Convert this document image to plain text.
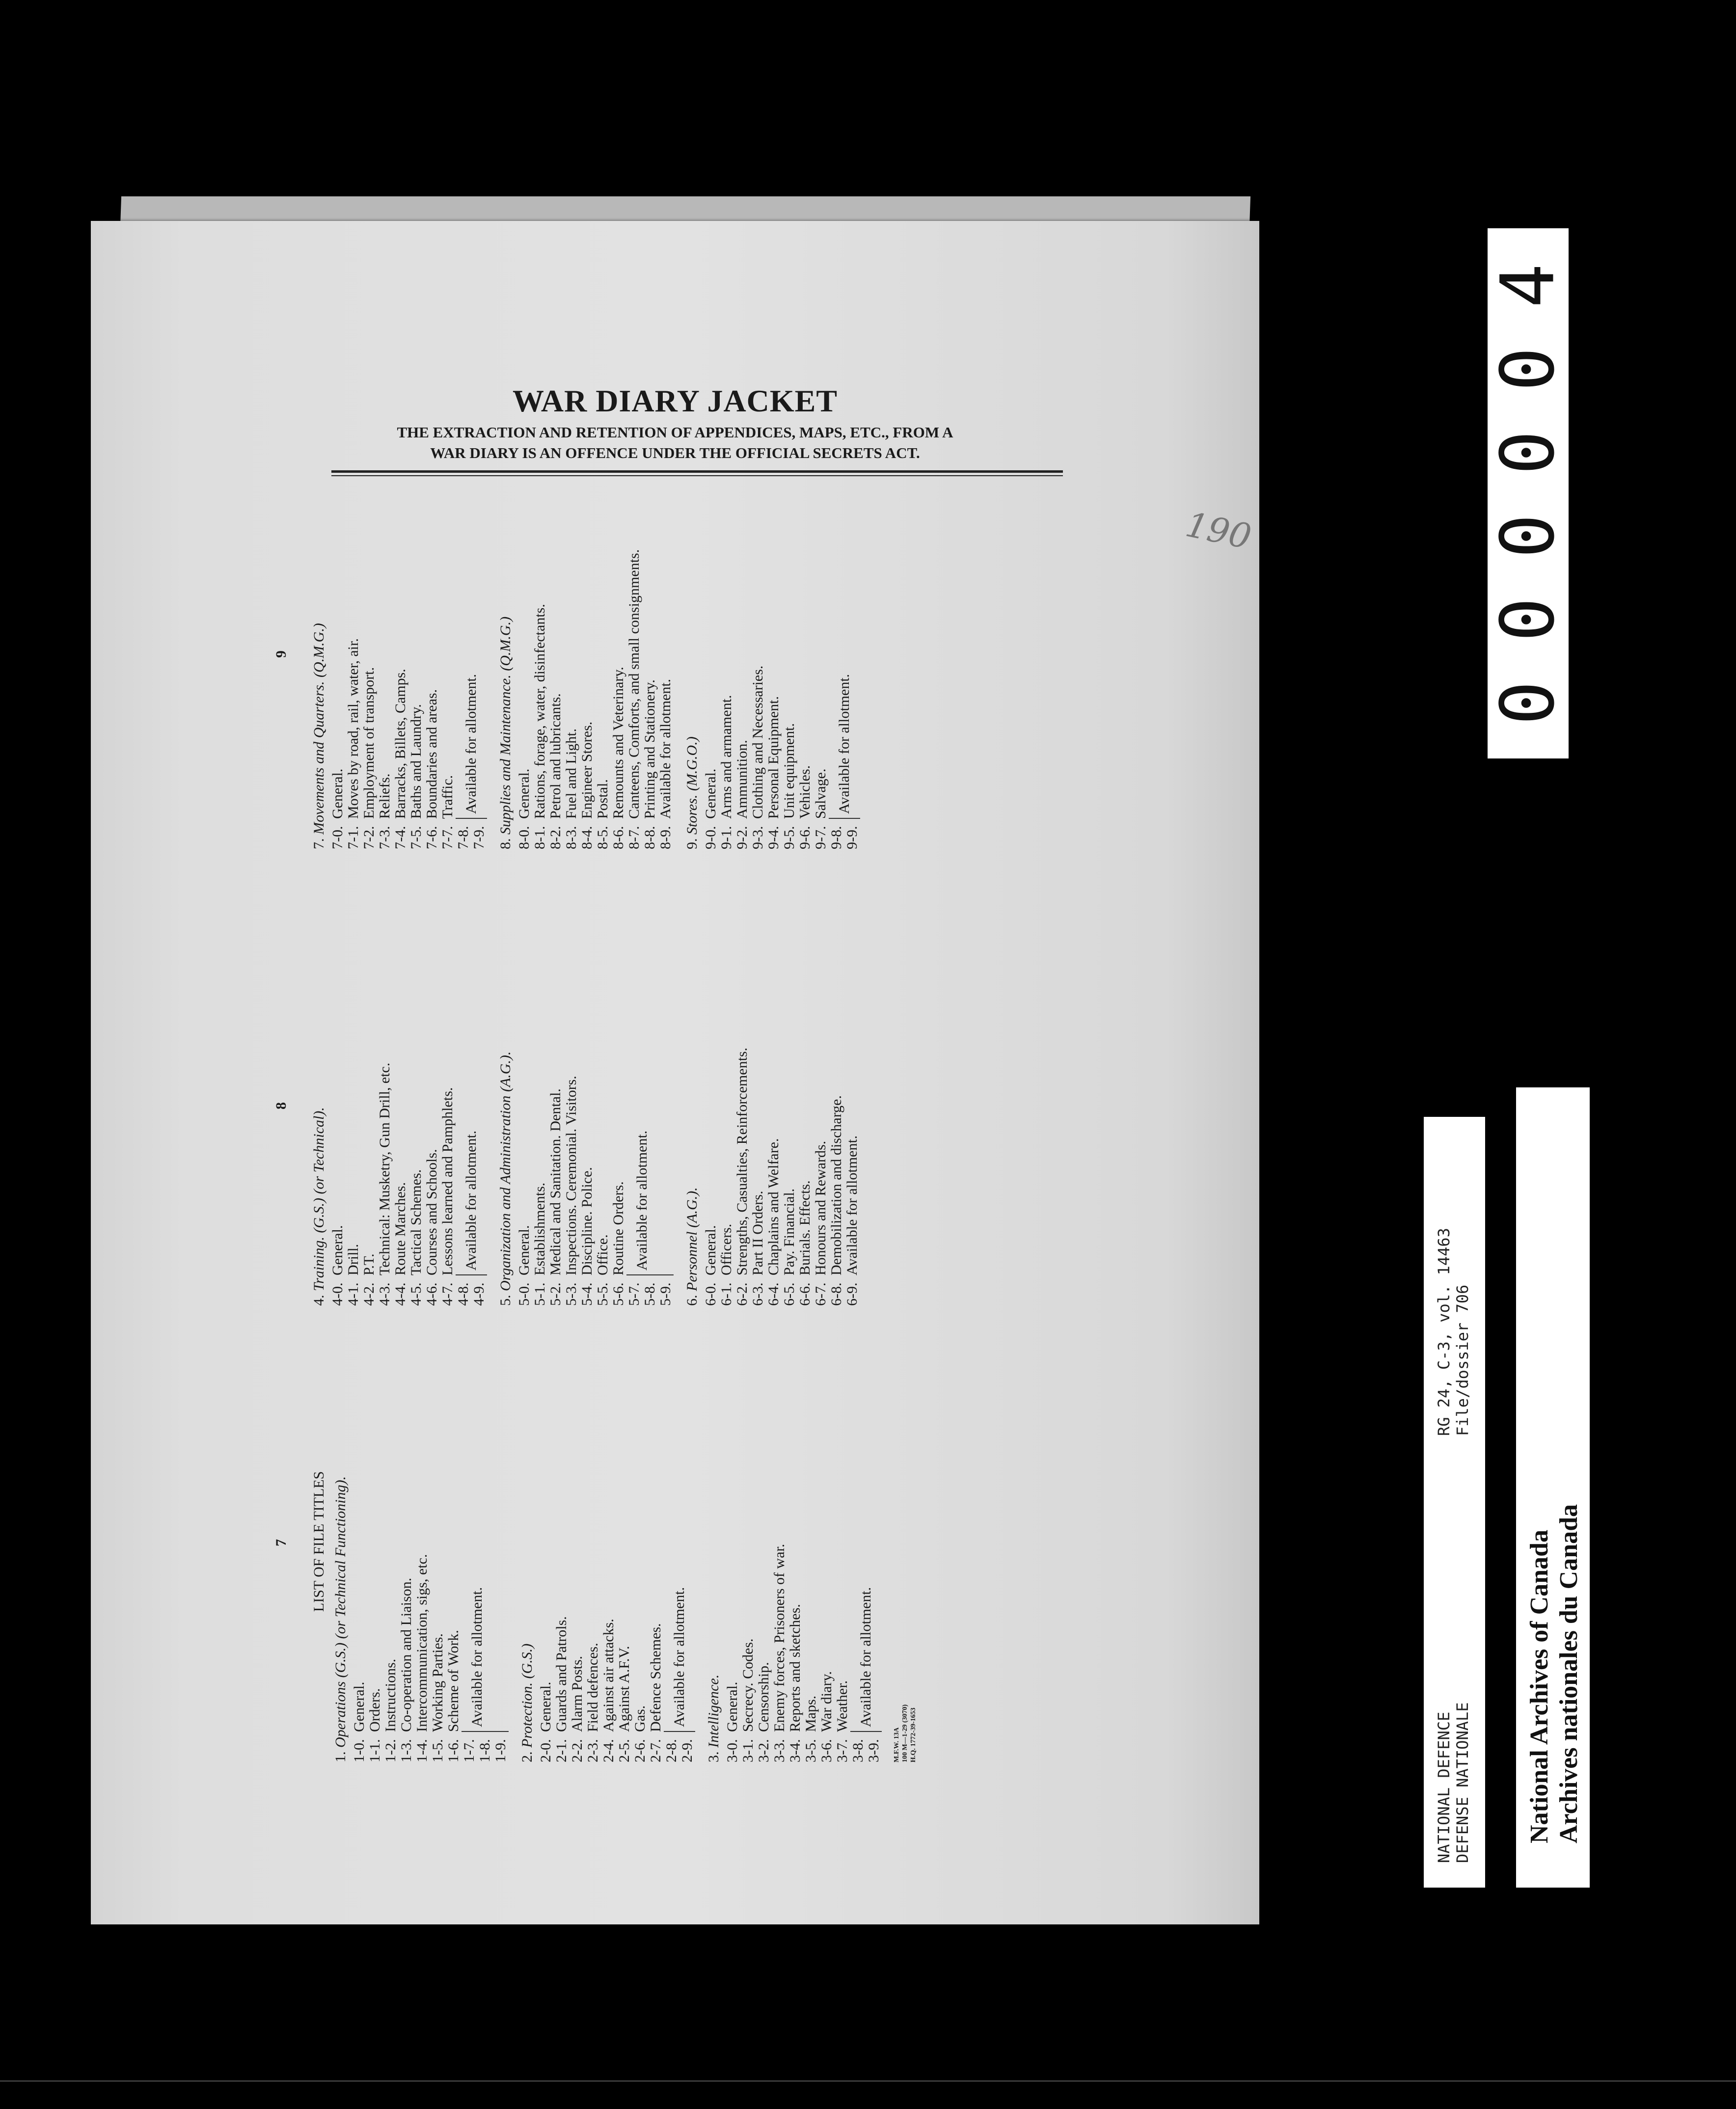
190
WAR DIARY JACKET
THE EXTRACTION AND RETENTION OF APPENDICES, MAPS, ETC., FROM A
WAR DIARY IS AN OFFENCE UNDER THE OFFICIAL SECRETS ACT.
7
8
9
LIST OF FILE TITLES
1. Operations (G.S.) (or Technical Functioning).
1-0.General.
1-1.Orders.
1-2.Instructions.
1-3.Co-operation and Liaison.
1-4.Intercommunication, sigs, etc.
1-5.Working Parties.
1-6.Scheme of Work.
1-7. 1-8. 1-9.
Available for allotment.
2. Protection. (G.S.)
2-0.General.
2-1.Guards and Patrols.
2-2.Alarm Posts.
2-3.Field defences.
2-4.Against air attacks.
2-5.Against A.F.V.
2-6.Gas.
2-7.Defence Schemes.
2-8. 2-9.
Available for allotment.
3. Intelligence.
3-0.General.
3-1.Secrecy. Codes.
3-2.Censorship.
3-3.Enemy forces, Prisoners of war.
3-4.Reports and sketches.
3-5.Maps.
3-6.War diary.
3-7.Weather.
3-8. 3-9.
Available for allotment.
M.F.W. 13A 100 M—1-29 (3070) H.Q. 1772-39-1653
4. Training. (G.S.) (or Technical).
4-0.General.
4-1.Drill.
4-2.P.T.
4-3.Technical: Musketry, Gun Drill, etc.
4-4.Route Marches.
4-5.Tactical Schemes.
4-6.Courses and Schools.
4-7.Lessons learned and Pamphlets.
4-8. 4-9.
Available for allotment.
5. Organization and Administration (A.G.).
5-0.General.
5-1.Establishments.
5-2.Medical and Sanitation. Dental.
5-3.Inspections. Ceremonial. Visitors.
5-4.Discipline. Police.
5-5.Office.
5-6.Routine Orders.
5-7. 5-8. 5-9.
Available for allotment.
6. Personnel (A.G.).
6-0.General.
6-1.Officers.
6-2.Strengths, Casualties, Reinforcements.
6-3.Part II Orders.
6-4.Chaplains and Welfare.
6-5.Pay. Financial.
6-6.Burials. Effects.
6-7.Honours and Rewards.
6-8.Demobilization and discharge.
6-9.Available for allotment.
7. Movements and Quarters. (Q.M.G.)
7-0.General.
7-1.Moves by road, rail, water, air.
7-2.Employment of transport.
7-3.Reliefs.
7-4.Barracks, Billets, Camps.
7-5.Baths and Laundry.
7-6.Boundaries and areas.
7-7.Traffic.
7-8. 7-9.
Available for allotment.
8. Supplies and Maintenance. (Q.M.G.)
8-0.General.
8-1.Rations, forage, water, disinfectants.
8-2.Petrol and lubricants.
8-3.Fuel and Light.
8-4.Engineer Stores.
8-5.Postal.
8-6.Remounts and Veterinary.
8-7.Canteens, Comforts, and small consignments.
8-8.Printing and Stationery.
8-9.Available for allotment.
9. Stores. (M.G.O.)
9-0.General.
9-1.Arms and armament.
9-2.Ammunition.
9-3.Clothing and Necessaries.
9-4.Personal Equipment.
9-5.Unit equipment.
9-6.Vehicles.
9-7.Salvage.
9-8. 9-9.
Available for allotment.	0
0
0
0
0
4
NATIONAL DEFENCE DEFENSE NATIONALE
RG 24, C-3, vol. 14463 File/dossier 706
National Archives of Canada Archives nationales du Canada
